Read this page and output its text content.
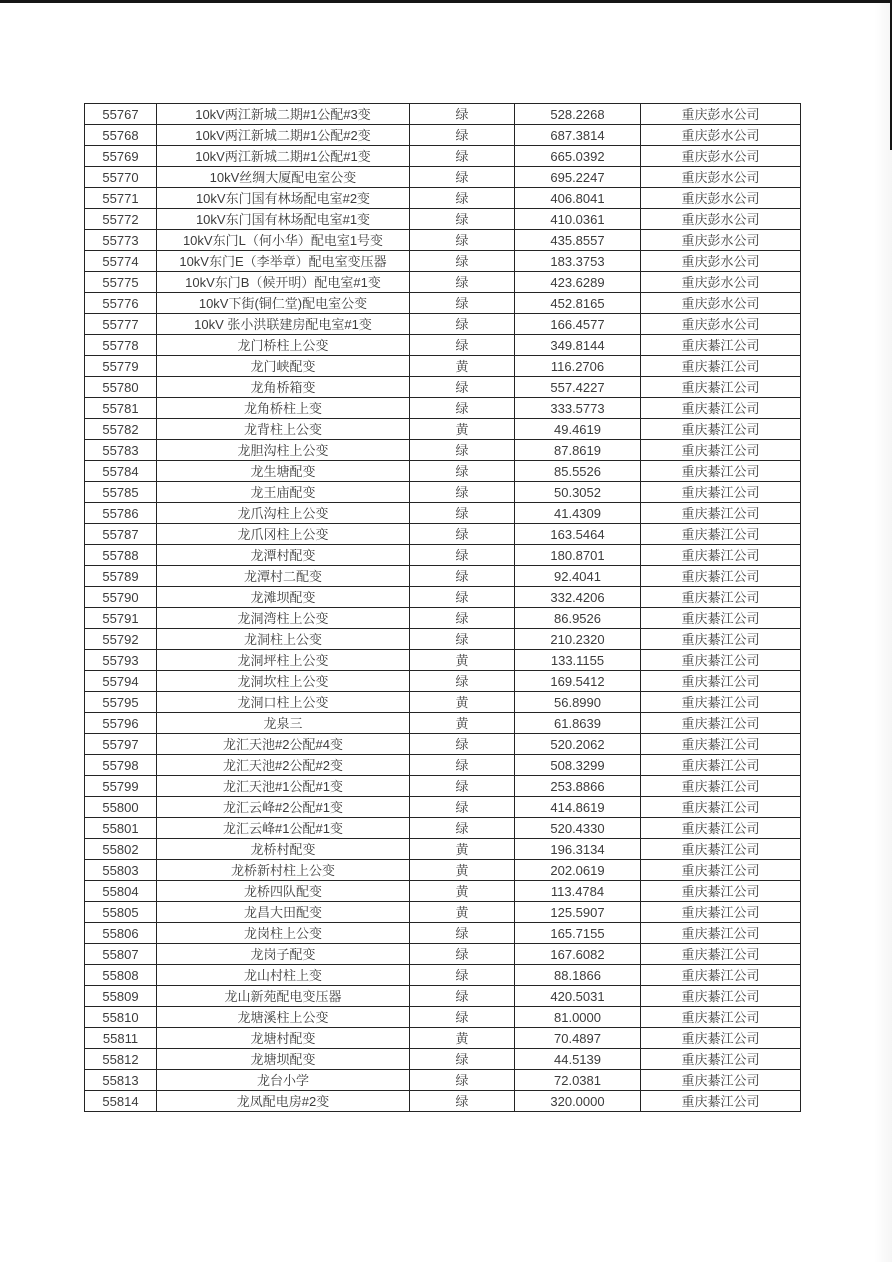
55767	10kV两江新城二期#1公配#3变	绿	528.2268	重庆彭水公司
55768	10kV两江新城二期#1公配#2变	绿	687.3814	重庆彭水公司
55769	10kV两江新城二期#1公配#1变	绿	665.0392	重庆彭水公司
55770	10kV丝绸大厦配电室公变	绿	695.2247	重庆彭水公司
55771	10kV东门国有林场配电室#2变	绿	406.8041	重庆彭水公司
55772	10kV东门国有林场配电室#1变	绿	410.0361	重庆彭水公司
55773	10kV东门L（何小华）配电室1号变	绿	435.8557	重庆彭水公司
55774	10kV东门E（李举章）配电室变压器	绿	183.3753	重庆彭水公司
55775	10kV东门B（候开明）配电室#1变	绿	423.6289	重庆彭水公司
55776	10kV下街(铜仁堂)配电室公变	绿	452.8165	重庆彭水公司
55777	10kV 张小洪联建房配电室#1变	绿	166.4577	重庆彭水公司
55778	龙门桥柱上公变	绿	349.8144	重庆綦江公司
55779	龙门峡配变	黄	116.2706	重庆綦江公司
55780	龙角桥箱变	绿	557.4227	重庆綦江公司
55781	龙角桥柱上变	绿	333.5773	重庆綦江公司
55782	龙背柱上公变	黄	49.4619	重庆綦江公司
55783	龙胆沟柱上公变	绿	87.8619	重庆綦江公司
55784	龙生塘配变	绿	85.5526	重庆綦江公司
55785	龙王庙配变	绿	50.3052	重庆綦江公司
55786	龙爪沟柱上公变	绿	41.4309	重庆綦江公司
55787	龙爪冈柱上公变	绿	163.5464	重庆綦江公司
55788	龙潭村配变	绿	180.8701	重庆綦江公司
55789	龙潭村二配变	绿	92.4041	重庆綦江公司
55790	龙滩坝配变	绿	332.4206	重庆綦江公司
55791	龙洞湾柱上公变	绿	86.9526	重庆綦江公司
55792	龙洞柱上公变	绿	210.2320	重庆綦江公司
55793	龙洞坪柱上公变	黄	133.1155	重庆綦江公司
55794	龙洞坎柱上公变	绿	169.5412	重庆綦江公司
55795	龙洞口柱上公变	黄	56.8990	重庆綦江公司
55796	龙泉三	黄	61.8639	重庆綦江公司
55797	龙汇天池#2公配#4变	绿	520.2062	重庆綦江公司
55798	龙汇天池#2公配#2变	绿	508.3299	重庆綦江公司
55799	龙汇天池#1公配#1变	绿	253.8866	重庆綦江公司
55800	龙汇云峰#2公配#1变	绿	414.8619	重庆綦江公司
55801	龙汇云峰#1公配#1变	绿	520.4330	重庆綦江公司
55802	龙桥村配变	黄	196.3134	重庆綦江公司
55803	龙桥新村柱上公变	黄	202.0619	重庆綦江公司
55804	龙桥四队配变	黄	113.4784	重庆綦江公司
55805	龙昌大田配变	黄	125.5907	重庆綦江公司
55806	龙岗柱上公变	绿	165.7155	重庆綦江公司
55807	龙岗子配变	绿	167.6082	重庆綦江公司
55808	龙山村柱上变	绿	88.1866	重庆綦江公司
55809	龙山新苑配电变压器	绿	420.5031	重庆綦江公司
55810	龙塘溪柱上公变	绿	81.0000	重庆綦江公司
55811	龙塘村配变	黄	70.4897	重庆綦江公司
55812	龙塘坝配变	绿	44.5139	重庆綦江公司
55813	龙台小学	绿	72.0381	重庆綦江公司
55814	龙凤配电房#2变	绿	320.0000	重庆綦江公司
